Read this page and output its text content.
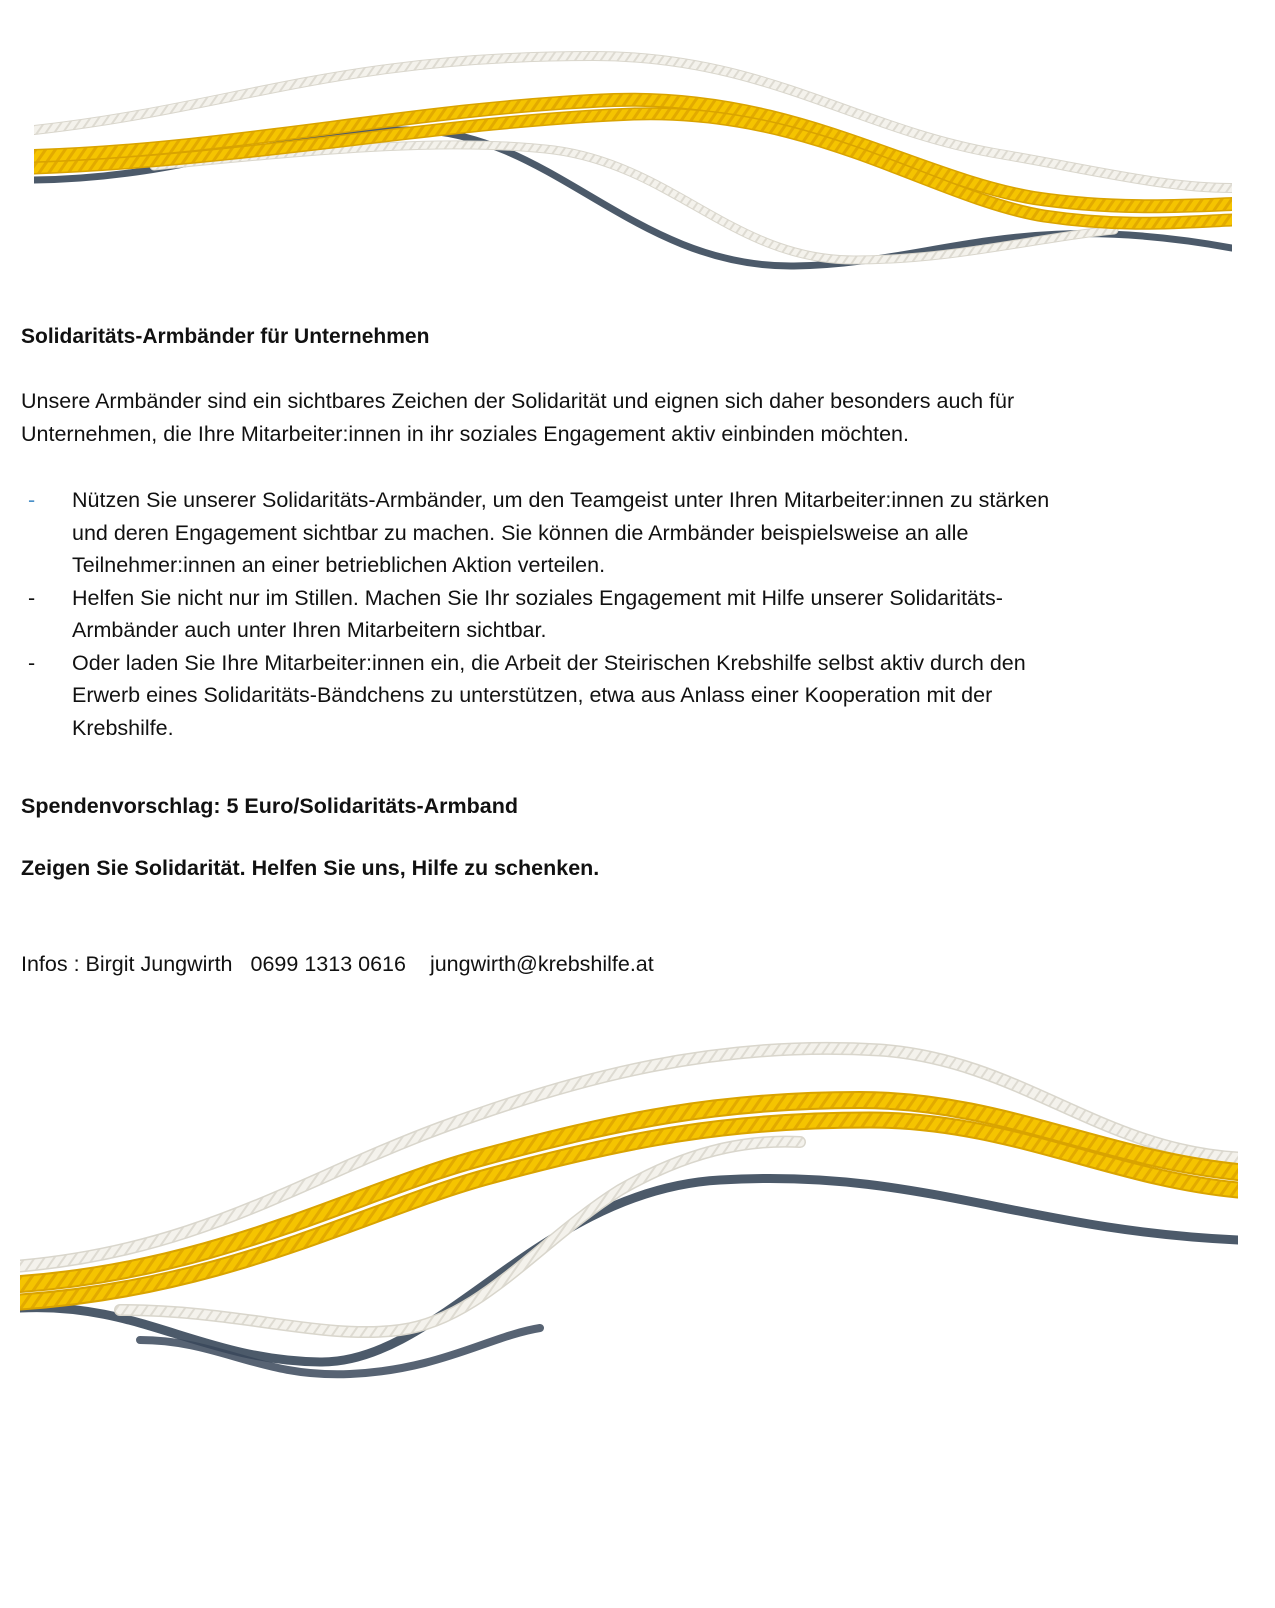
Solidaritäts-Armbänder für Unternehmen

Unsere Armbänder sind ein sichtbares Zeichen der Solidarität und eignen sich daher besonders auch für
Unternehmen, die Ihre Mitarbeiter:innen in ihr soziales Engagement aktiv einbinden möchten.

- Nützen Sie unserer Solidaritäts-Armbänder, um den Teamgeist unter Ihren Mitarbeiter:innen zu stärken
und deren Engagement sichtbar zu machen. Sie können die Armbänder beispielsweise an alle
Teilnehmer:innen an einer betrieblichen Aktion verteilen.
- Helfen Sie nicht nur im Stillen. Machen Sie Ihr soziales Engagement mit Hilfe unserer Solidaritäts-
Armbänder auch unter Ihren Mitarbeitern sichtbar.
- Oder laden Sie Ihre Mitarbeiter:innen ein, die Arbeit der Steirischen Krebshilfe selbst aktiv durch den
Erwerb eines Solidaritäts-Bändchens zu unterstützen, etwa aus Anlass einer Kooperation mit der
Krebshilfe.

Spendenvorschlag: 5 Euro/Solidaritäts-Armband

Zeigen Sie Solidarität. Helfen Sie uns, Hilfe zu schenken.

Infos : Birgit Jungwirth 0699 1313 0616 jungwirth@krebshilfe.at
